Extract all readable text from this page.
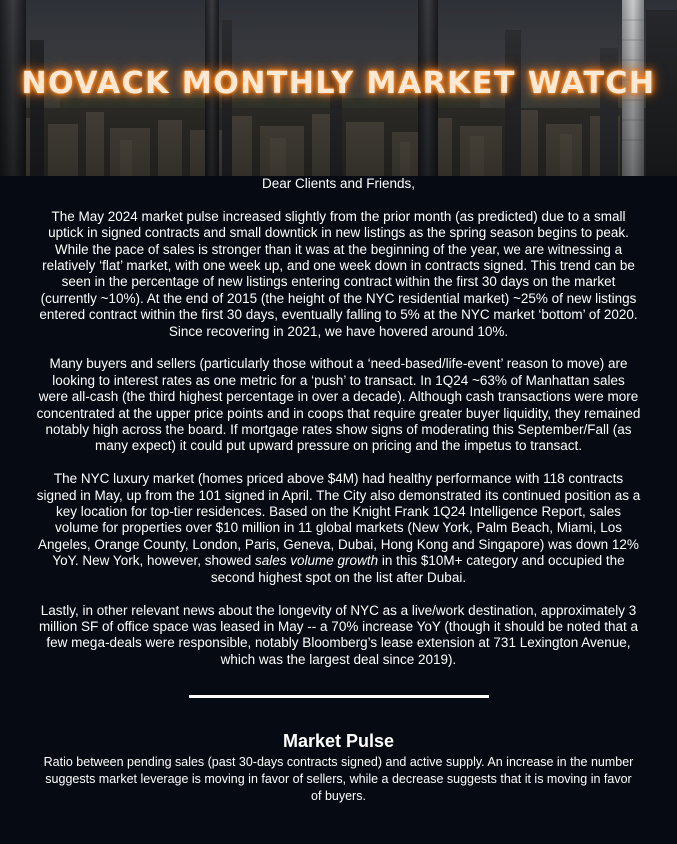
NOVACK MONTHLY MARKET WATCH

Dear Clients and Friends,

The May 2024 market pulse increased slightly from the prior month (as predicted) due to a small uptick in signed contracts and small downtick in new listings as the spring season begins to peak. While the pace of sales is stronger than it was at the beginning of the year, we are witnessing a relatively ‘flat’ market, with one week up, and one week down in contracts signed. This trend can be seen in the percentage of new listings entering contract within the first 30 days on the market (currently ~10%). At the end of 2015 (the height of the NYC residential market) ~25% of new listings entered contract within the first 30 days, eventually falling to 5% at the NYC market ‘bottom’ of 2020. Since recovering in 2021, we have hovered around 10%.

Many buyers and sellers (particularly those without a ‘need-based/life-event’ reason to move) are looking to interest rates as one metric for a ‘push’ to transact. In 1Q24 ~63% of Manhattan sales were all-cash (the third highest percentage in over a decade). Although cash transactions were more concentrated at the upper price points and in coops that require greater buyer liquidity, they remained notably high across the board. If mortgage rates show signs of moderating this September/Fall (as many expect) it could put upward pressure on pricing and the impetus to transact.

The NYC luxury market (homes priced above $4M) had healthy performance with 118 contracts signed in May, up from the 101 signed in April. The City also demonstrated its continued position as a key location for top-tier residences. Based on the Knight Frank 1Q24 Intelligence Report, sales volume for properties over $10 million in 11 global markets (New York, Palm Beach, Miami, Los Angeles, Orange County, London, Paris, Geneva, Dubai, Hong Kong and Singapore) was down 12% YoY. New York, however, showed sales volume growth in this $10M+ category and occupied the second highest spot on the list after Dubai.

Lastly, in other relevant news about the longevity of NYC as a live/work destination, approximately 3 million SF of office space was leased in May -- a 70% increase YoY (though it should be noted that a few mega-deals were responsible, notably Bloomberg’s lease extension at 731 Lexington Avenue, which was the largest deal since 2019).

Market Pulse

Ratio between pending sales (past 30-days contracts signed) and active supply. An increase in the number suggests market leverage is moving in favor of sellers, while a decrease suggests that it is moving in favor of buyers.
